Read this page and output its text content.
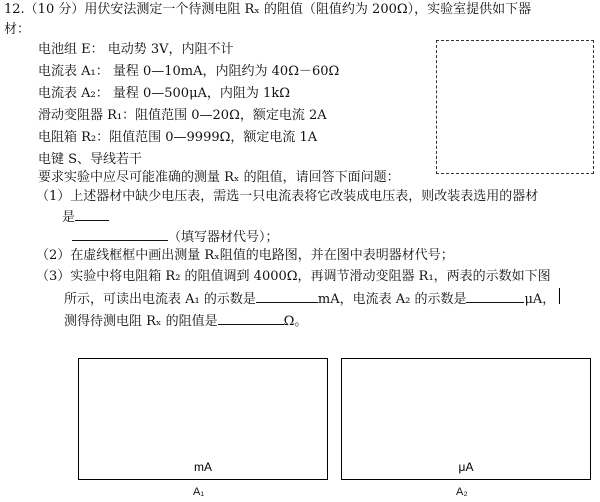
12.（10 分）用伏安法测定一个待测电阻 Rₓ 的阻值（阻值约为 200Ω），实验室提供如下器
材：
电池组 E： 电动势 3V，内阻不计
电流表 A₁： 量程 0—10mA，内阻约为 40Ω－60Ω
电流表 A₂： 量程 0—500μA，内阻为 1kΩ
滑动变阻器 R₁：阻值范围 0—20Ω，额定电流 2A
电阻箱 R₂：阻值范围 0—9999Ω，额定电流 1A
电键 S、导线若干
要求实验中应尽可能准确的测量 Rₓ 的阻值，请回答下面问题：
（1）上述器材中缺少电压表，需选一只电流表将它改装成电压表，则改装表选用的器材
是
（填写器材代号）；
（2）在虚线框框中画出测量 Rₓ阻值的电路图，并在图中表明器材代号；
（3）实验中将电阻箱 R₂ 的阻值调到 4000Ω，再调节滑动变阻器 R₁，两表的示数如下图
所示，可读出电流表 A₁ 的示数是	mA，电流表 A₂ 的示数是	μA，
测得待测电阻 Rₓ 的阻值是	Ω。
mA
A₁
μA
A₂
